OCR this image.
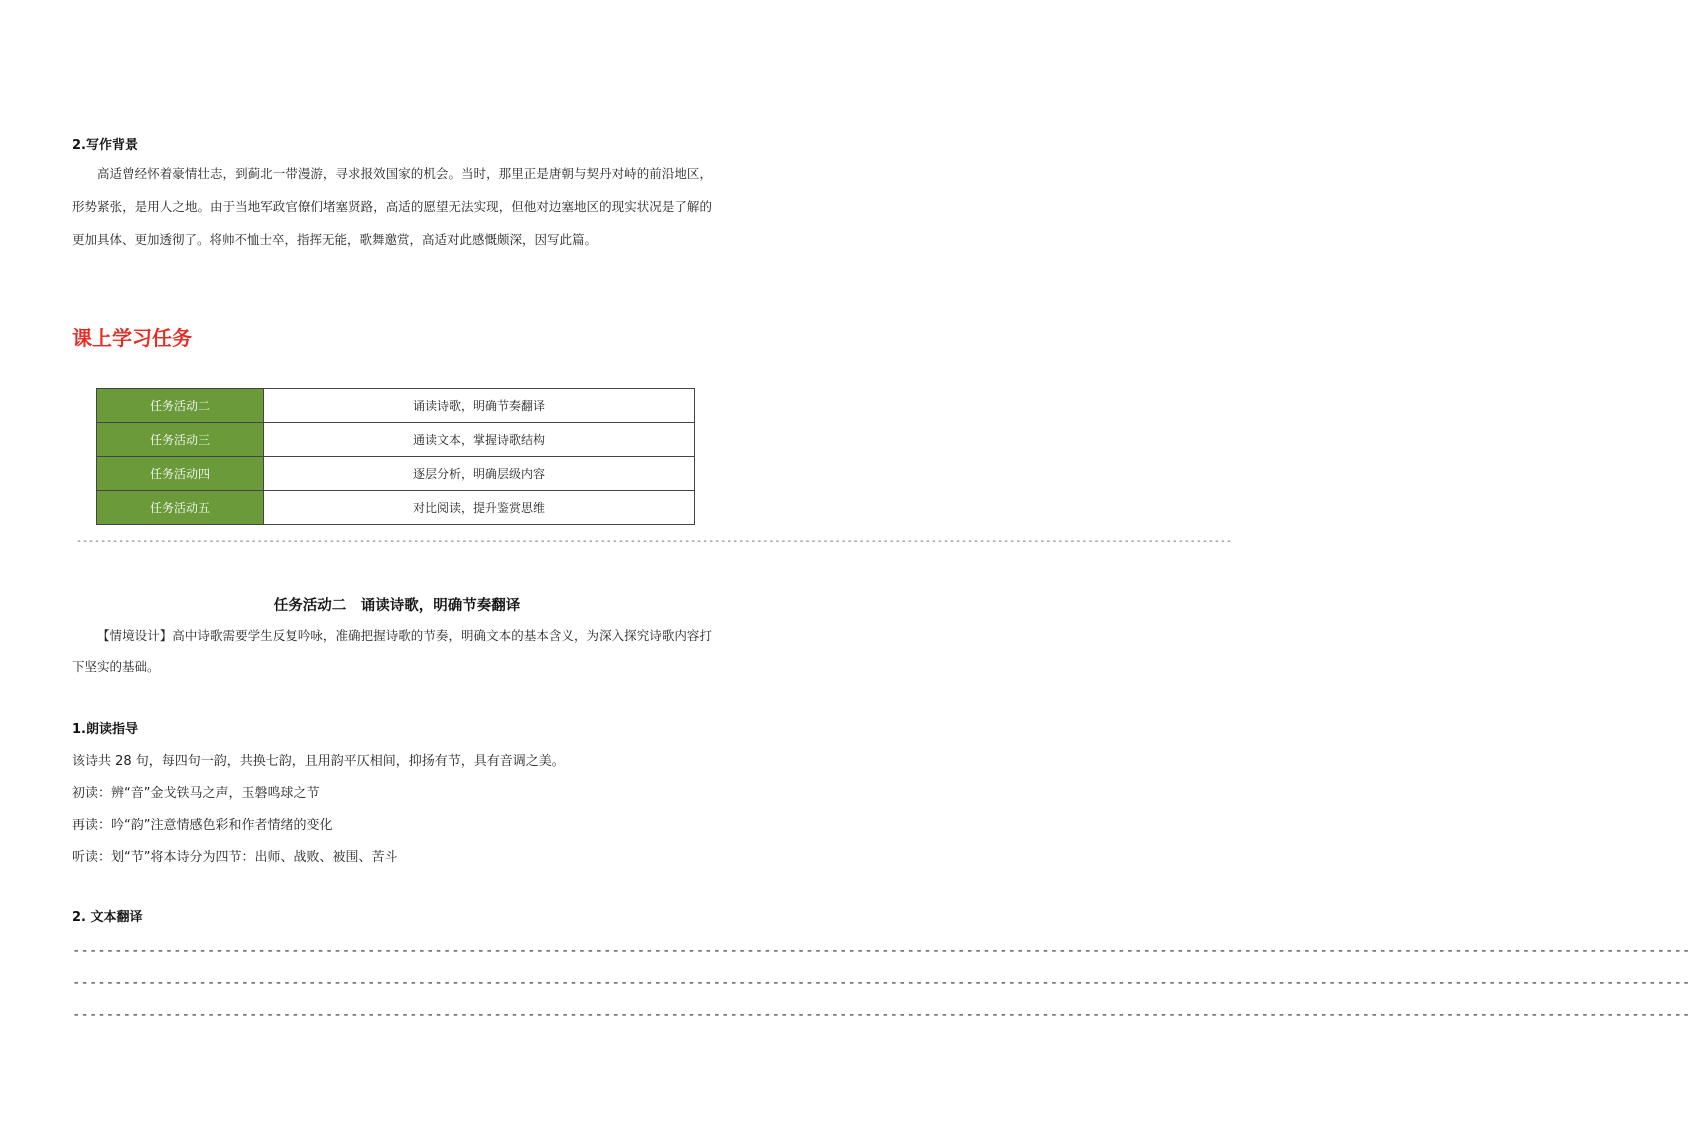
2.写作背景
高适曾经怀着豪情壮志，到蓟北一带漫游，寻求报效国家的机会。当时，那里正是唐朝与契丹对峙的前沿地区，形势紧张，是用人之地。由于当地军政官僚们堵塞贤路，高适的愿望无法实现，但他对边塞地区的现实状况是了解的更加具体、更加透彻了。将帅不恤士卒，指挥无能，歌舞邀赏，高适对此感慨颇深，因写此篇。
课上学习任务
任务活动二	诵读诗歌，明确节奏翻译
任务活动三	通读文本，掌握诗歌结构
任务活动四	逐层分析，明确层级内容
任务活动五	对比阅读，提升鉴赏思维
------------------------------------------------------------------------------------------------------------------------------------------------------------------------------------------------
任务活动二　诵读诗歌，明确节奏翻译
【情境设计】高中诗歌需要学生反复吟咏，准确把握诗歌的节奏，明确文本的基本含义，为深入探究诗歌内容打下坚实的基础。
1.朗读指导
该诗共 28 句，每四句一韵，共换七韵，且用韵平仄相间，抑扬有节，具有音调之美。
初读：辨“音”金戈铁马之声，玉磐鸣球之节
再读：吟“韵”注意情感色彩和作者情绪的变化
听读：划“节”将本诗分为四节：出师、战败、被围、苦斗
2. 文本翻译
------------------------------------------------------------------------------------------------------------------------------------------------------------------------------------------------
------------------------------------------------------------------------------------------------------------------------------------------------------------------------------------------------
------------------------------------------------------------------------------------------------------------------------------------------------------------------------------------------------
